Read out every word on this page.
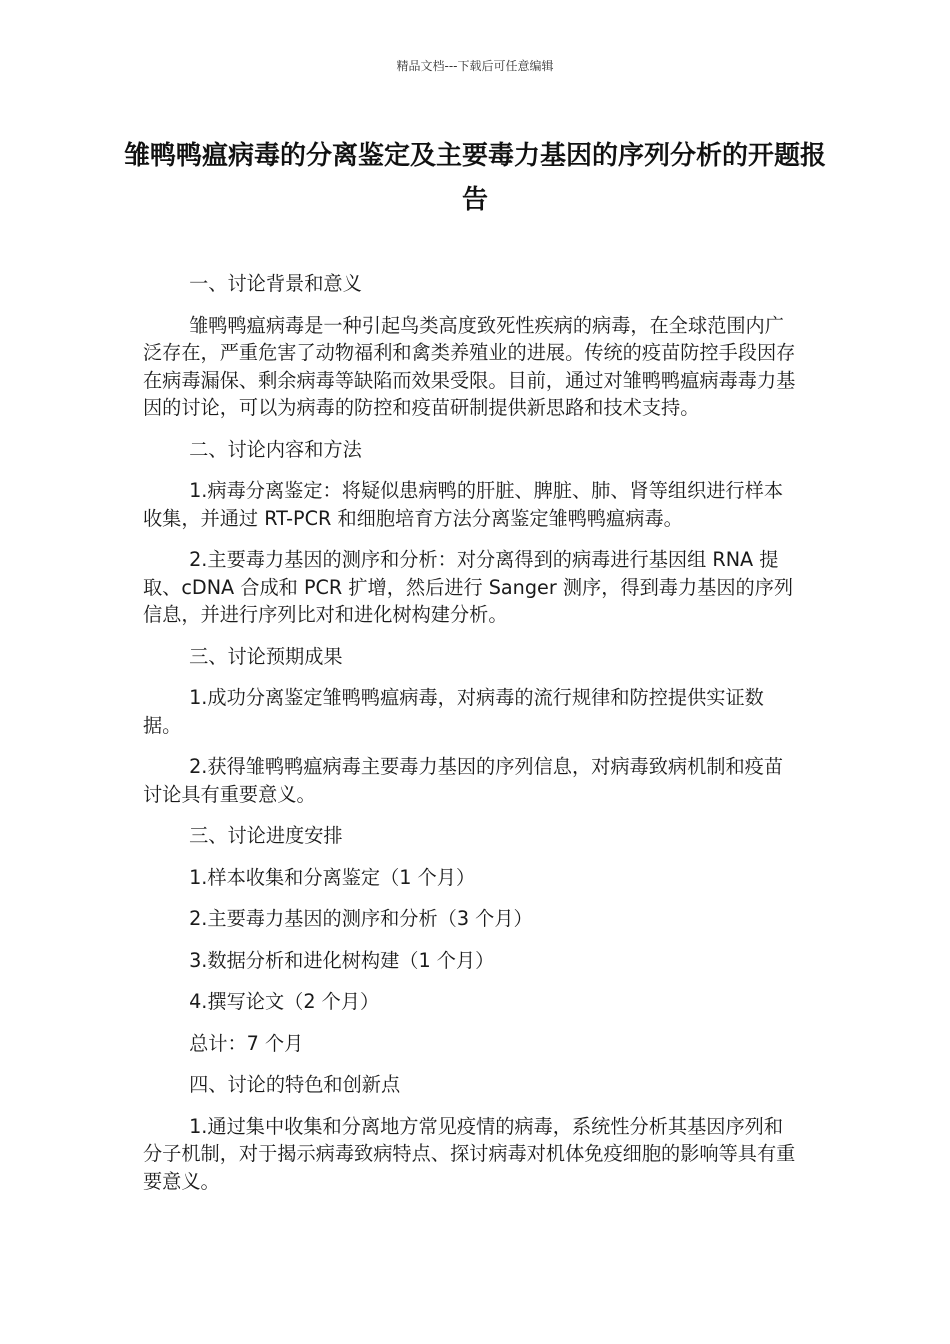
精品文档---下载后可任意编辑
雏鸭鸭瘟病毒的分离鉴定及主要毒力基因的序列分析的开题报告

一、讨论背景和意义

雏鸭鸭瘟病毒是一种引起鸟类高度致死性疾病的病毒，在全球范围内广泛存在，严重危害了动物福利和禽类养殖业的进展。传统的疫苗防控手段因存在病毒漏保、剩余病毒等缺陷而效果受限。目前，通过对雏鸭鸭瘟病毒毒力基因的讨论，可以为病毒的防控和疫苗研制提供新思路和技术支持。

二、讨论内容和方法

1.病毒分离鉴定：将疑似患病鸭的肝脏、脾脏、肺、肾等组织进行样本收集，并通过 RT-PCR 和细胞培育方法分离鉴定雏鸭鸭瘟病毒。

2.主要毒力基因的测序和分析：对分离得到的病毒进行基因组 RNA 提取、cDNA 合成和 PCR 扩增，然后进行 Sanger 测序，得到毒力基因的序列信息，并进行序列比对和进化树构建分析。

三、讨论预期成果

1.成功分离鉴定雏鸭鸭瘟病毒，对病毒的流行规律和防控提供实证数据。

2.获得雏鸭鸭瘟病毒主要毒力基因的序列信息，对病毒致病机制和疫苗讨论具有重要意义。

三、讨论进度安排

1.样本收集和分离鉴定（1 个月）

2.主要毒力基因的测序和分析（3 个月）

3.数据分析和进化树构建（1 个月）

4.撰写论文（2 个月）

总计：7 个月

四、讨论的特色和创新点

1.通过集中收集和分离地方常见疫情的病毒，系统性分析其基因序列和分子机制，对于揭示病毒致病特点、探讨病毒对机体免疫细胞的影响等具有重要意义。
